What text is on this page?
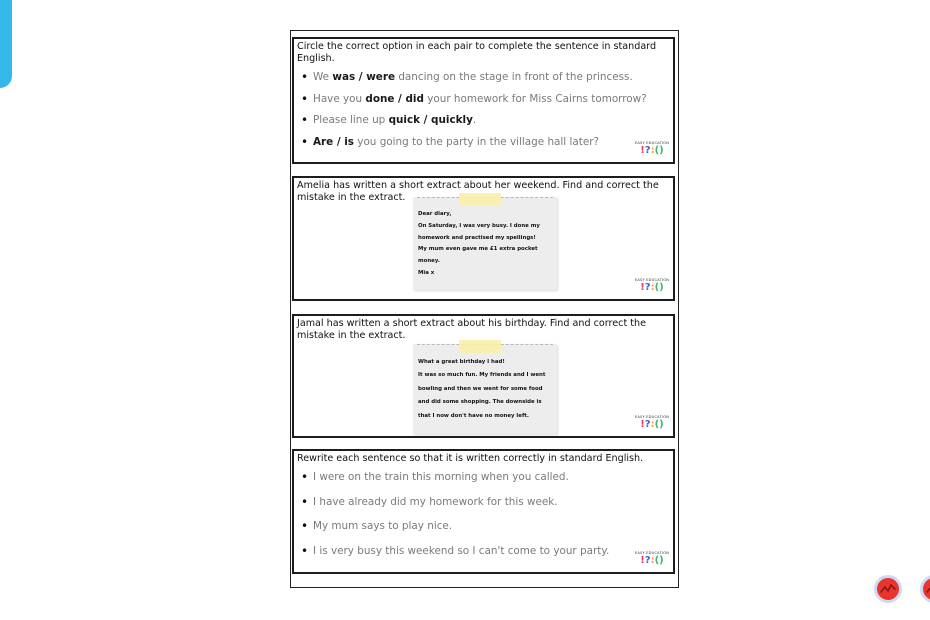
Circle the correct option in each pair to complete the sentence in standard English.

• We was / were dancing on the stage in front of the princess.
• Have you done / did your homework for Miss Cairns tomorrow?
• Please line up quick / quickly.
• Are / is you going to the party in the village hall later?	EASY EDUCATION
!?:()

Amelia has written a short extract about her weekend. Find and correct the mistake in the extract.

Dear diary,

On Saturday, I was very busy. I done my

homework and practised my spellings!

My mum even gave me £1 extra pocket

money.

Mia x

EASY EDUCATION
!?:()

Jamal has written a short extract about his birthday. Find and correct the mistake in the extract.

What a great birthday I had!

It was so much fun. My friends and I went

bowling and then we went for some food

and did some shopping. The downside is

that I now don't have no money left.	EASY EDUCATION
!?:()

Rewrite each sentence so that it is written correctly in standard English.

• I were on the train this morning when you called.
• I have already did my homework for this week.
• My mum says to play nice.
• I is very busy this weekend so I can't come to your party.	EASY EDUCATION
!?:()
